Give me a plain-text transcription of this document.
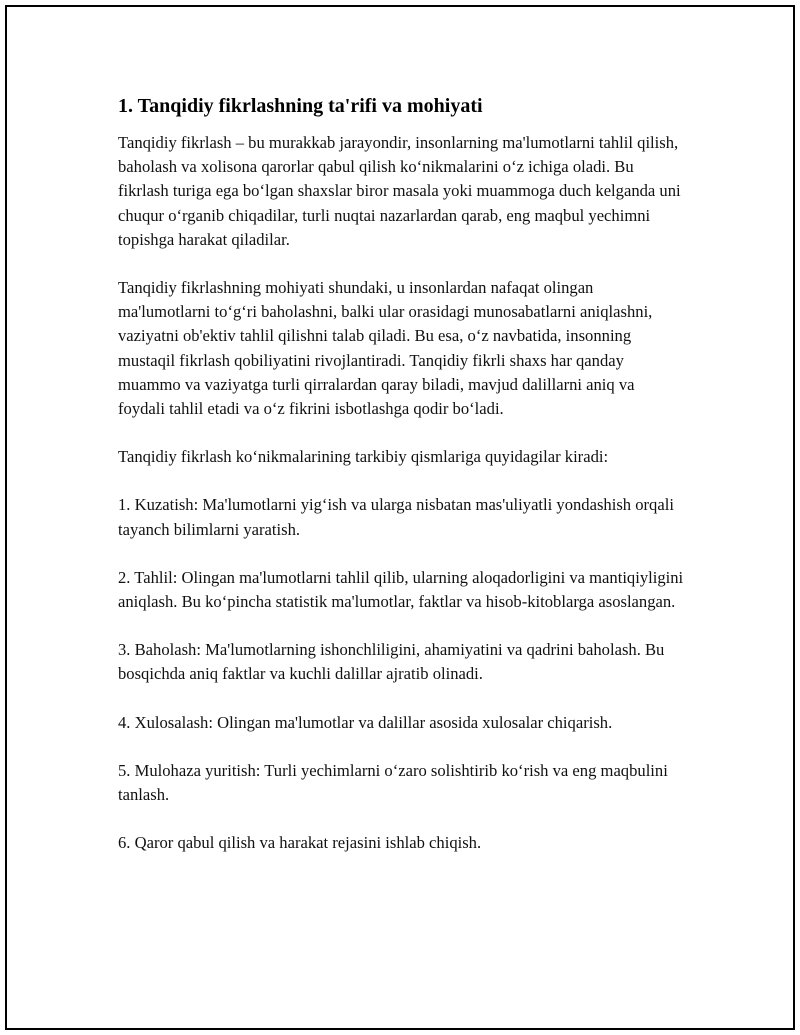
1. Tanqidiy fikrlashning ta'rifi va mohiyati

Tanqidiy fikrlash – bu murakkab jarayondir, insonlarning ma'lumotlarni tahlil qilish, baholash va xolisona qarorlar qabul qilish ko‘nikmalarini o‘z ichiga oladi. Bu fikrlash turiga ega bo‘lgan shaxslar biror masala yoki muammoga duch kelganda uni chuqur o‘rganib chiqadilar, turli nuqtai nazarlardan qarab, eng maqbul yechimni topishga harakat qiladilar.

Tanqidiy fikrlashning mohiyati shundaki, u insonlardan nafaqat olingan ma'lumotlarni to‘g‘ri baholashni, balki ular orasidagi munosabatlarni aniqlashni, vaziyatni ob'ektiv tahlil qilishni talab qiladi. Bu esa, o‘z navbatida, insonning mustaqil fikrlash qobiliyatini rivojlantiradi. Tanqidiy fikrli shaxs har qanday muammo va vaziyatga turli qirralardan qaray biladi, mavjud dalillarni aniq va foydali tahlil etadi va o‘z fikrini isbotlashga qodir bo‘ladi.

Tanqidiy fikrlash ko‘nikmalarining tarkibiy qismlariga quyidagilar kiradi:

1. Kuzatish: Ma'lumotlarni yig‘ish va ularga nisbatan mas'uliyatli yondashish orqali tayanch bilimlarni yaratish.

2. Tahlil: Olingan ma'lumotlarni tahlil qilib, ularning aloqadorligini va mantiqiyligini aniqlash. Bu ko‘pincha statistik ma'lumotlar, faktlar va hisob-kitoblarga asoslangan.

3. Baholash: Ma'lumotlarning ishonchliligini, ahamiyatini va qadrini baholash. Bu bosqichda aniq faktlar va kuchli dalillar ajratib olinadi.

4. Xulosalash: Olingan ma'lumotlar va dalillar asosida xulosalar chiqarish.

5. Mulohaza yuritish: Turli yechimlarni o‘zaro solishtirib ko‘rish va eng maqbulini tanlash.

6. Qaror qabul qilish va harakat rejasini ishlab chiqish.
